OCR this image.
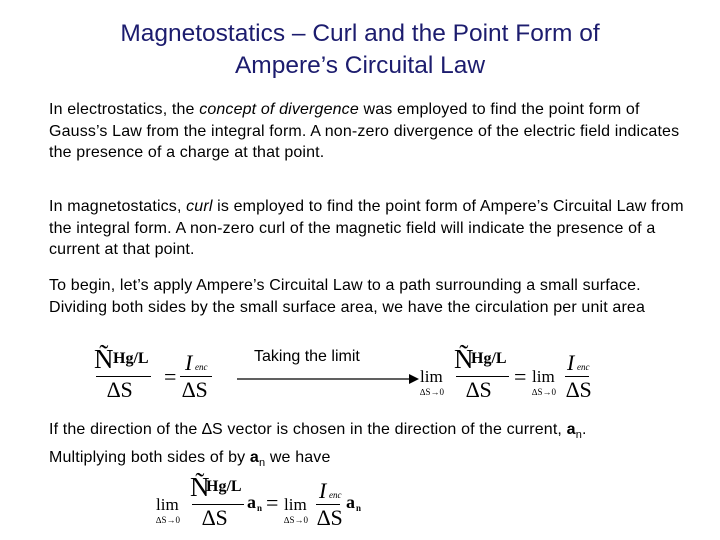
Magnetostatics – Curl and the Point Form of
Ampere’s Circuital Law
In electrostatics, the concept of divergence was employed to find the point form of Gauss’s Law from the integral form. A non-zero divergence of the electric field indicates the presence of a charge at that point.
In magnetostatics, curl is employed to find the point form of Ampere’s Circuital Law from the integral form. A non-zero curl of the magnetic field will indicate the presence of a current at that point.
To begin, let’s apply Ampere’s Circuital Law to a path surrounding a small surface. Dividing both sides by the small surface area, we have the circulation per unit area
Ñ Hg/L
∆S
=
I enc
∆S
Taking the limit
lim
∆S→0
Ñ
Hg/L
∆S
= lim
∆S→0
I enc
∆S
If the direction of the ∆S vector is chosen in the direction of the current, $a_n$.
Multiplying both sides of by $a_n$ we have
lim
∆S→0
Ñ
Hg/L
∆S
a n = lim
∆S→0
I enc
∆S
a n
